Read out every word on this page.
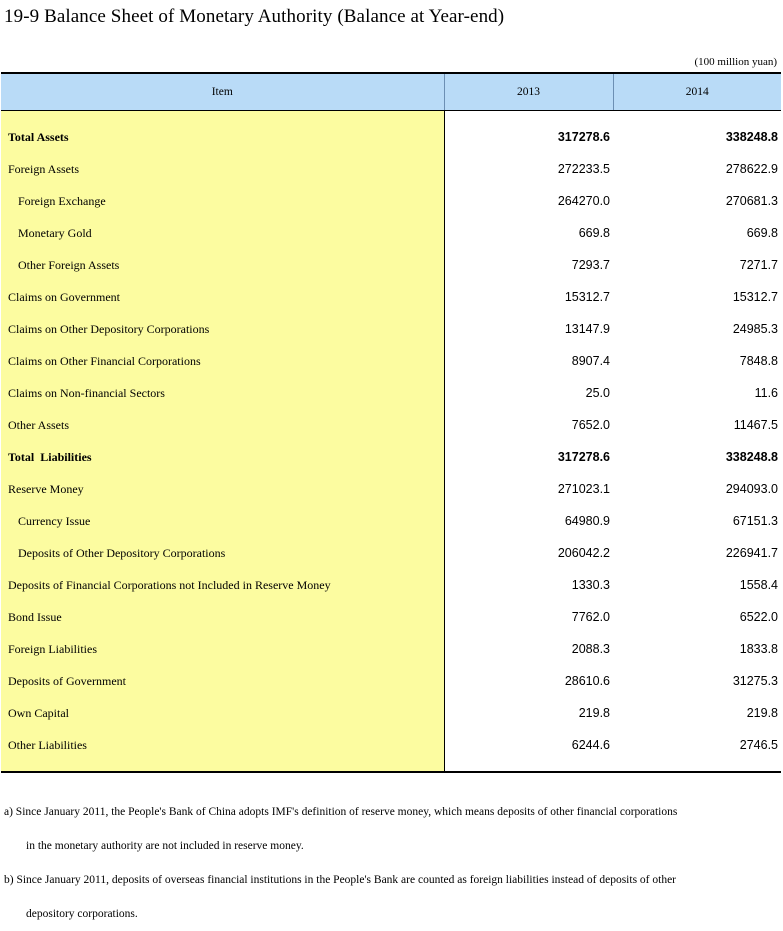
19-9 Balance Sheet of Monetary Authority (Balance at Year-end)
(100 million yuan)
Item	2013	2014

Total Assets	317278.6	338248.8
Foreign Assets	272233.5	278622.9
Foreign Exchange	264270.0	270681.3
Monetary Gold	669.8	669.8
Other Foreign Assets	7293.7	7271.7
Claims on Government	15312.7	15312.7
Claims on Other Depository Corporations	13147.9	24985.3
Claims on Other Financial Corporations	8907.4	7848.8
Claims on Non-financial Sectors	25.0	11.6
Other Assets	7652.0	11467.5
Total  Liabilities	317278.6	338248.8
Reserve Money	271023.1	294093.0
Currency Issue	64980.9	67151.3
Deposits of Other Depository Corporations	206042.2	226941.7
Deposits of Financial Corporations not Included in Reserve Money	1330.3	1558.4
Bond Issue	7762.0	6522.0
Foreign Liabilities	2088.3	1833.8
Deposits of Government	28610.6	31275.3
Own Capital	219.8	219.8
Other Liabilities	6244.6	2746.5

a) Since January 2011, the People's Bank of China adopts IMF's definition of reserve money, which means deposits of other financial corporations

in the monetary authority are not included in reserve money.

b) Since January 2011, deposits of overseas financial institutions in the People's Bank are counted as foreign liabilities instead of deposits of other

depository corporations.
